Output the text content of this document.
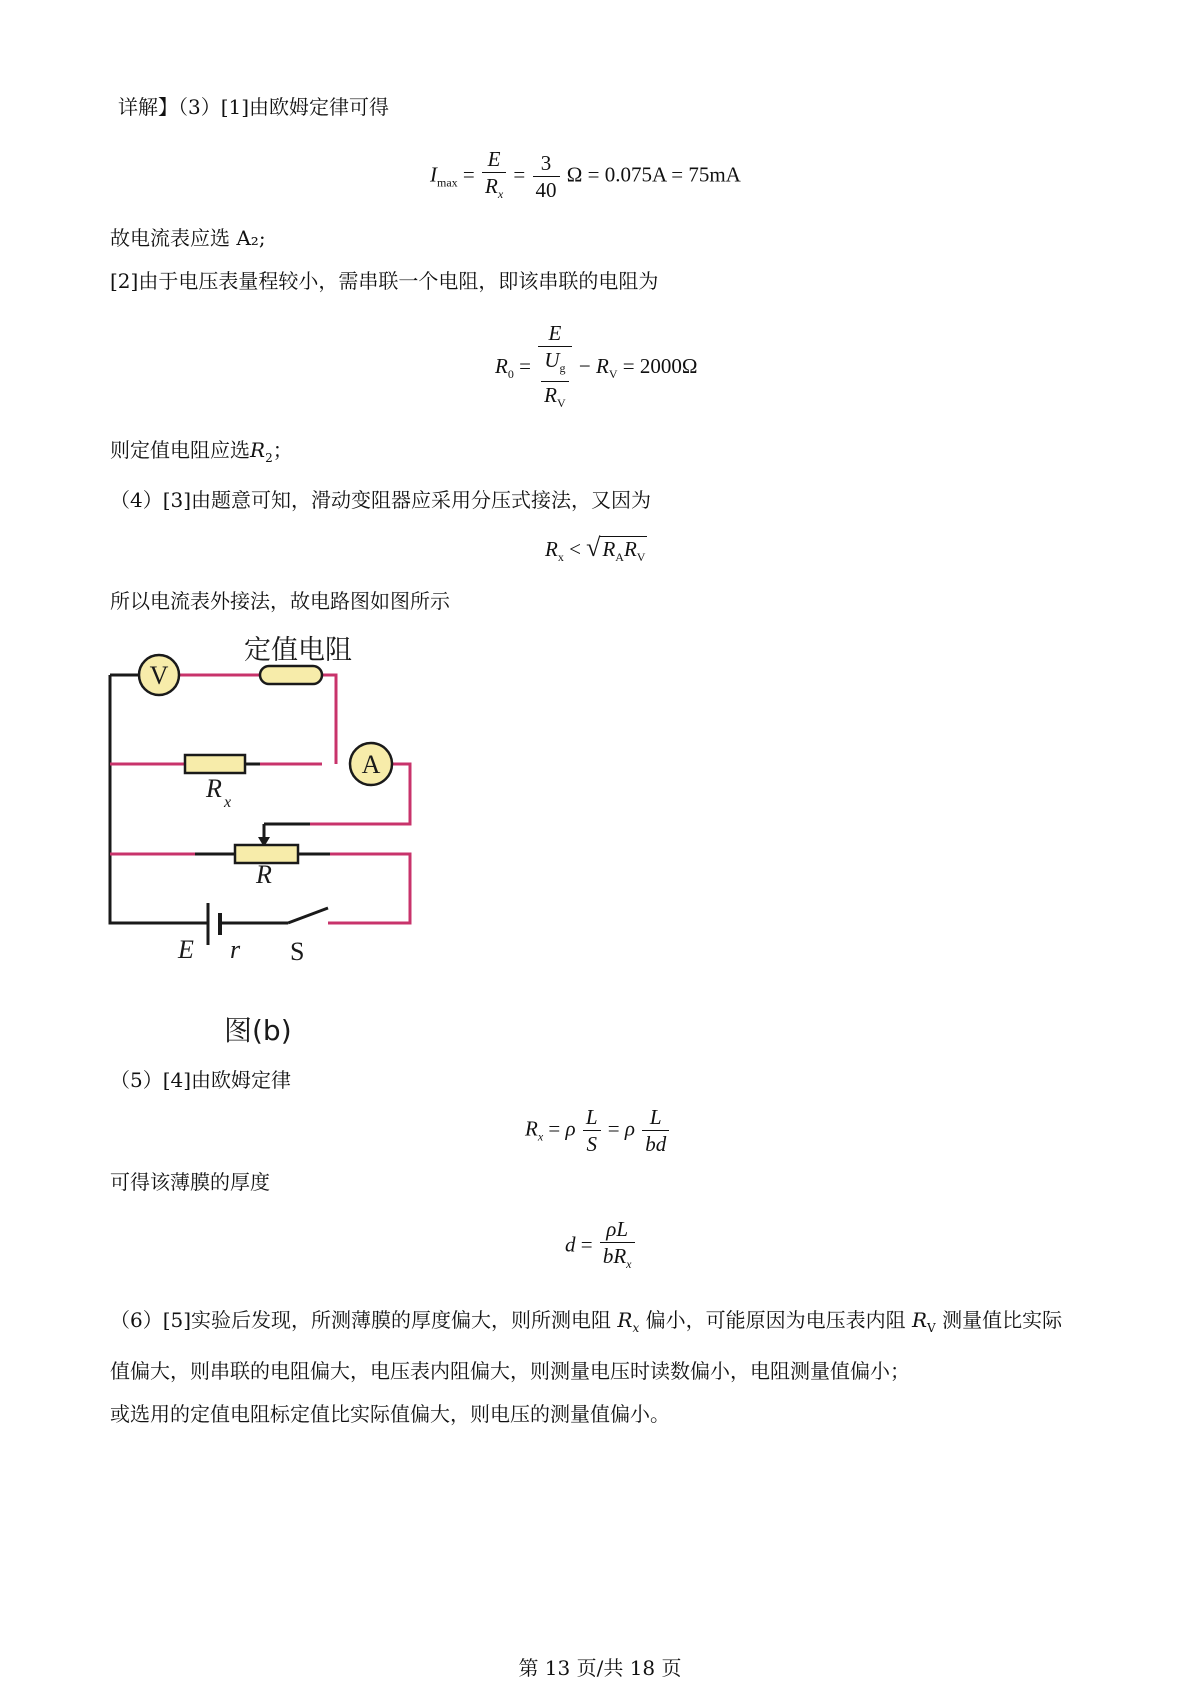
详解】（3）[1]由欧姆定律可得
$I_{max} = \frac{E}{R_x} = \frac{3}{40}$ Ω = 0.075A = 75mA
故电流表应选 A₂;
[2]由于电压表量程较小，需串联一个电阻，即该串联的电阻为
$R_0 = E$
$U_g$
$R_V - R_V = 2000\Omega$
则定值电阻应选$R_2$；
（4）[3]由题意可知，滑动变阻器应采用分压式接法，又因为
$R_x < √R_AR_V$
所以电流表外接法，故电路图如图所示
V
定值电阻
R x
A
R
E r S
图(b)
（5）[4]由欧姆定律
$R_x = \rho \frac{L}{S} = \rho \frac{L}{bd}$
可得该薄膜的厚度
$d = \frac{\rho L}{bR_x}$
（6）[5]实验后发现，所测薄膜的厚度偏大，则所测电阻 $R_x$ 偏小，可能原因为电压表内阻 $R_V$ 测量值比实际
值偏大，则串联的电阻偏大，电压表内阻偏大，则测量电压时读数偏小，电阻测量值偏小；
或选用的定值电阻标定值比实际值偏大，则电压的测量值偏小。
第 13 页/共 18 页
